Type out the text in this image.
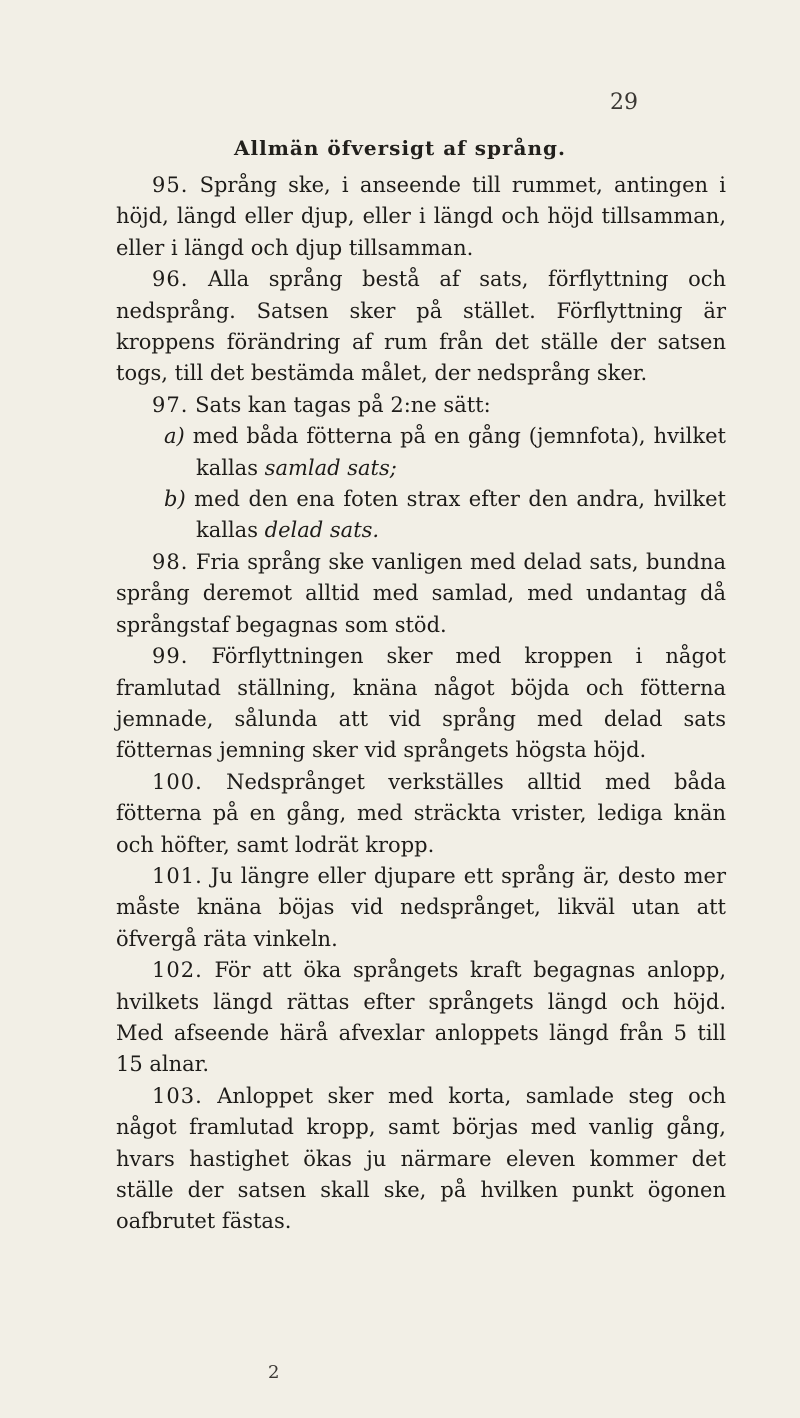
29
Allmän öfversigt af språng.

95. Språng ske, i anseende till rummet, antingen i höjd, längd eller djup, eller i längd och höjd tillsamman, eller i längd och djup tillsamman.

96. Alla språng bestå af sats, förflyttning och nedsprång. Satsen sker på stället. Förflyttning är kroppens förändring af rum från det ställe der satsen togs, till det bestämda målet, der nedsprång sker.

97. Sats kan tagas på 2:ne sätt:

a) med båda fötterna på en gång (jemnfota), hvilket kallas samlad sats;

b) med den ena foten strax efter den andra, hvilket kallas delad sats.

98. Fria språng ske vanligen med delad sats, bundna språng deremot alltid med samlad, med undantag då språngstaf begagnas som stöd.

99. Förflyttningen sker med kroppen i något framlutad ställning, knäna något böjda och fötterna jemnade, sålunda att vid språng med delad sats fötternas jemning sker vid språngets högsta höjd.

100. Nedsprånget verkställes alltid med båda fötterna på en gång, med sträckta vrister, lediga knän och höfter, samt lodrät kropp.

101. Ju längre eller djupare ett språng är, desto mer måste knäna böjas vid nedsprånget, likväl utan att öfvergå räta vinkeln.

102. För att öka språngets kraft begagnas anlopp, hvilkets längd rättas efter språngets längd och höjd. Med afseende härå afvexlar anloppets längd från 5 till 15 alnar.

103. Anloppet sker med korta, samlade steg och något framlutad kropp, samt börjas med vanlig gång, hvars hastighet ökas ju närmare eleven kommer det ställe der satsen skall ske, på hvilken punkt ögonen oafbrutet fästas.

2
